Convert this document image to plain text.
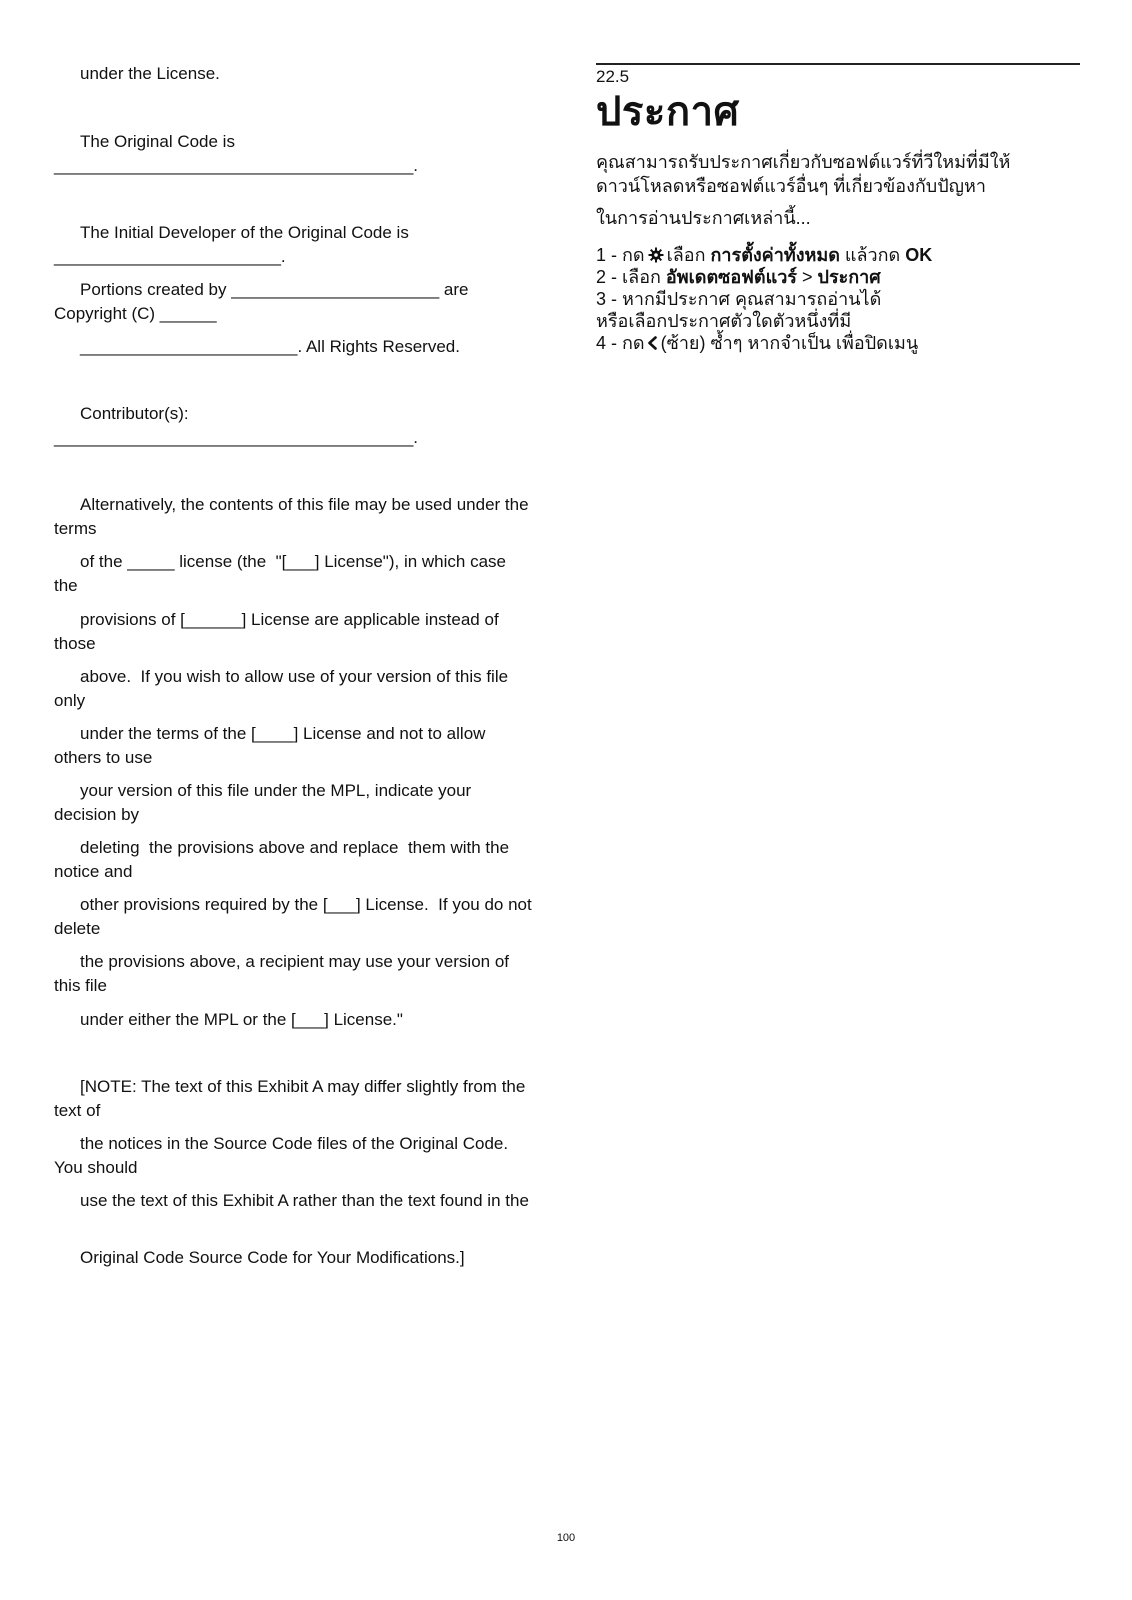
under the License.

The Original Code is ______________________________________.

The Initial Developer of the Original Code is ________________________.

Portions created by ______________________ are Copyright (C) ______

_______________________. All Rights Reserved.

Contributor(s): ______________________________________.

Alternatively, the contents of this file may be used under the terms

of the _____ license (the  "[___] License"), in which case the

provisions of [______] License are applicable instead of those

above.  If you wish to allow use of your version of this file only

under the terms of the [____] License and not to allow others to use

your version of this file under the MPL, indicate your decision by

deleting  the provisions above and replace  them with the notice and

other provisions required by the [___] License.  If you do not delete

the provisions above, a recipient may use your version of this file

under either the MPL or the [___] License."

[NOTE: The text of this Exhibit A may differ slightly from the text of

the notices in the Source Code files of the Original Code. You should

use the text of this Exhibit A rather than the text found in the

Original Code Source Code for Your Modifications.]

22.5
ประกาศ

คุณสามารถรับประกาศเกี่ยวกับซอฟต์แวร์ที่วีใหม่ที่มีให้ดาวน์โหลดหรือซอฟต์แวร์อื่นๆ ที่เกี่ยวข้องกับปัญหา

ในการอ่านประกาศเหล่านี้...

1 - กด เลือก การตั้งค่าทั้งหมด แล้วกด OK
2 - เลือก อัพเดตซอฟต์แวร์ > ประกาศ
3 - หากมีประกาศ คุณสามารถอ่านได้
หรือเลือกประกาศตัวใดตัวหนึ่งที่มี
4 - กด (ซ้าย) ซ้ำๆ หากจำเป็น เพื่อปิดเมนู
100
